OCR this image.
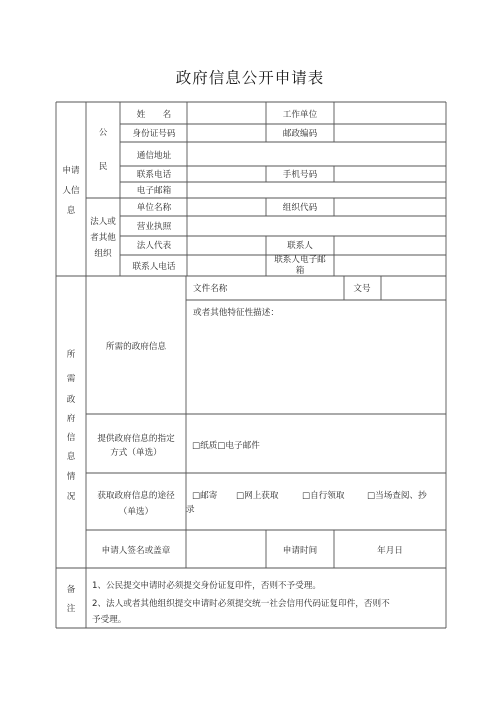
政府信息公开申请表
申请
人信
息
公
民
姓　　名	工作单位
身份证号码	邮政编码
通信地址
联系电话	手机号码
电子邮箱
法人或
者其他
组织
单位名称	组织代码
营业执照
法人代表	联系人
联系人电话
联系人电子邮
箱
所
需
政
府
信
息
情
况
所需的政府信息
文件名称	文号
或者其他特征性描述：
提供政府信息的指定
方式（单选）
□纸质□电子邮件
获取政府信息的途径
（单选）
□邮寄 □网上获取	□自行领取	□当场查阅、抄
录
申请人签名或盖章	申请时间	年月日
备
注
1、公民提交申请时必须提交身份证复印件，否则不予受理。
2、法人或者其他组织提交申请时必须提交统一社会信用代码证复印件，否则不
予受理。
